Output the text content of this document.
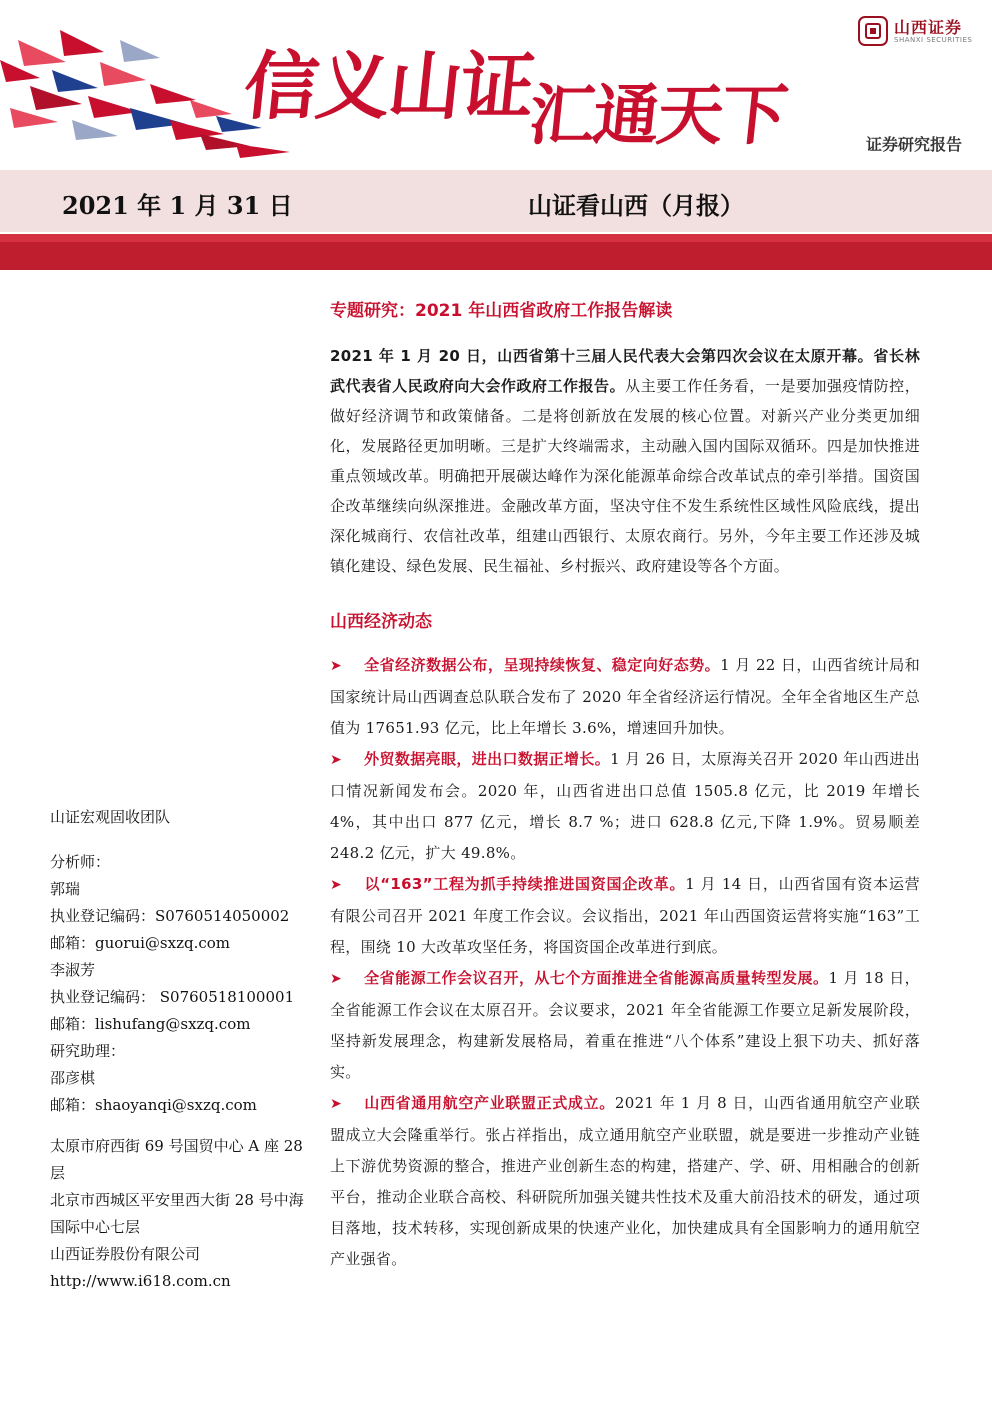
信义山证
汇通天下
山西证券
SHANXI SECURITIES
证券研究报告
2021 年 1 月 31 日	山证看山西（月报）
山证宏观固收团队
分析师：
郭瑞
执业登记编码：S0760514050002
邮箱：guorui@sxzq.com
李淑芳
执业登记编码： S0760518100001
邮箱：lishufang@sxzq.com
研究助理：
邵彦棋
邮箱：shaoyanqi@sxzq.com
太原市府西街 69 号国贸中心 A 座 28 层
北京市西城区平安里西大街 28 号中海国际中心七层
山西证券股份有限公司
http://www.i618.com.cn
专题研究：2021 年山西省政府工作报告解读
2021 年 1 月 20 日，山西省第十三届人民代表大会第四次会议在太原开幕。省长林武代表省人民政府向大会作政府工作报告。从主要工作任务看，一是要加强疫情防控，做好经济调节和政策储备。二是将创新放在发展的核心位置。对新兴产业分类更加细化，发展路径更加明晰。三是扩大终端需求，主动融入国内国际双循环。四是加快推进重点领域改革。明确把开展碳达峰作为深化能源革命综合改革试点的牵引举措。国资国企改革继续向纵深推进。金融改革方面，坚决守住不发生系统性区域性风险底线，提出深化城商行、农信社改革，组建山西银行、太原农商行。另外，今年主要工作还涉及城镇化建设、绿色发展、民生福祉、乡村振兴、政府建设等各个方面。
山西经济动态
➤ 全省经济数据公布，呈现持续恢复、稳定向好态势。1 月 22 日，山西省统计局和国家统计局山西调查总队联合发布了 2020 年全省经济运行情况。全年全省地区生产总值为 17651.93 亿元，比上年增长 3.6%，增速回升加快。
➤ 外贸数据亮眼，进出口数据正增长。1 月 26 日，太原海关召开 2020 年山西进出口情况新闻发布会。2020 年，山西省进出口总值 1505.8 亿元，比 2019 年增长 4%，其中出口 877 亿元，增长 8.7 %；进口 628.8 亿元,下降 1.9%。贸易顺差 248.2 亿元，扩大 49.8%。
➤ 以“163”工程为抓手持续推进国资国企改革。1 月 14 日，山西省国有资本运营有限公司召开 2021 年度工作会议。会议指出，2021 年山西国资运营将实施“163”工程，围绕 10 大改革攻坚任务，将国资国企改革进行到底。
➤ 全省能源工作会议召开，从七个方面推进全省能源高质量转型发展。1 月 18 日，全省能源工作会议在太原召开。会议要求，2021 年全省能源工作要立足新发展阶段，坚持新发展理念，构建新发展格局，着重在推进“八个体系”建设上狠下功夫、抓好落实。
➤ 山西省通用航空产业联盟正式成立。2021 年 1 月 8 日，山西省通用航空产业联盟成立大会隆重举行。张占祥指出，成立通用航空产业联盟，就是要进一步推动产业链上下游优势资源的整合，推进产业创新生态的构建，搭建产、学、研、用相融合的创新平台，推动企业联合高校、科研院所加强关键共性技术及重大前沿技术的研发，通过项目落地，技术转移，实现创新成果的快速产业化，加快建成具有全国影响力的通用航空产业强省。
